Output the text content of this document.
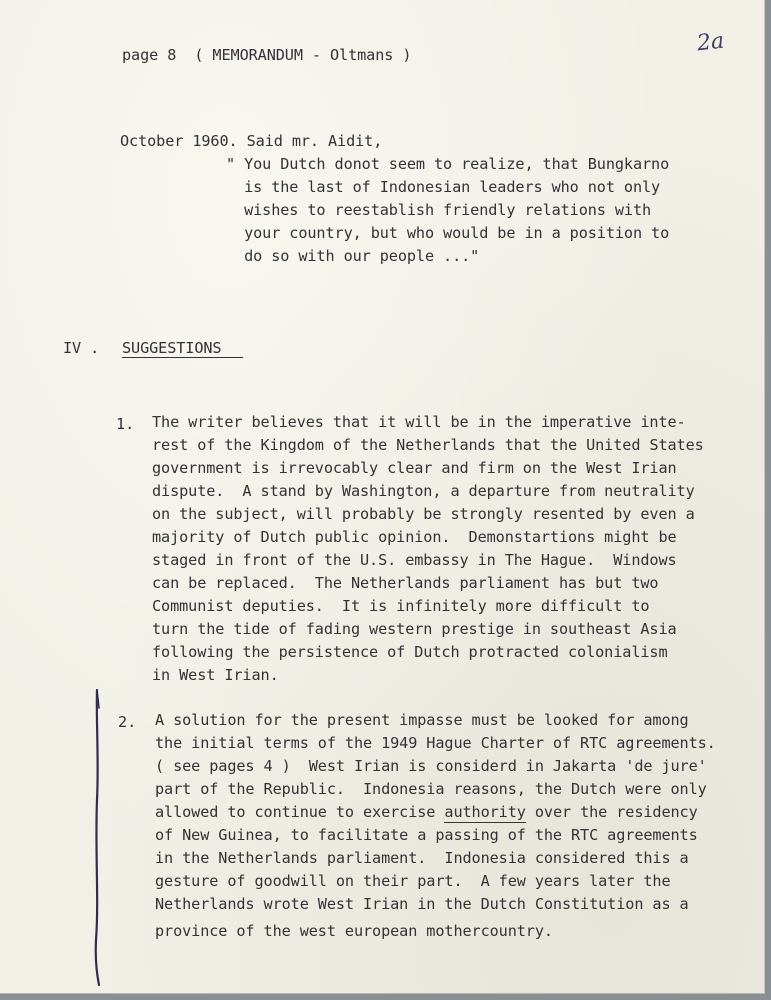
page 8  ( MEMORANDUM - Oltmans )	2a
October 1960. Said mr. Aidit,
" You Dutch donot seem to realize, that Bungkarno
is the last of Indonesian leaders who not only
wishes to reestablish friendly relations with
your country, but who would be in a position to
do so with our people ..."
IV . SUGGESTIONS
1. The writer believes that it will be in the imperative inte-
rest of the Kingdom of the Netherlands that the United States
government is irrevocably clear and firm on the West Irian
dispute.  A stand by Washington, a departure from neutrality
on the subject, will probably be strongly resented by even a
majority of Dutch public opinion.  Demonstartions might be
staged in front of the U.S. embassy in The Hague.  Windows
can be replaced.  The Netherlands parliament has but two
Communist deputies.  It is infinitely more difficult to
turn the tide of fading western prestige in southeast Asia
following the persistence of Dutch protracted colonialism
in West Irian.
2. A solution for the present impasse must be looked for among
the initial terms of the 1949 Hague Charter of RTC agreements.
( see pages 4 )  West Irian is considerd in Jakarta 'de jure'
part of the Republic.  Indonesia reasons, the Dutch were only
allowed to continue to exercise authority over the residency
of New Guinea, to facilitate a passing of the RTC agreements
in the Netherlands parliament.  Indonesia considered this a
gesture of goodwill on their part.  A few years later the
Netherlands wrote West Irian in the Dutch Constitution as a
province of the west european mothercountry.
